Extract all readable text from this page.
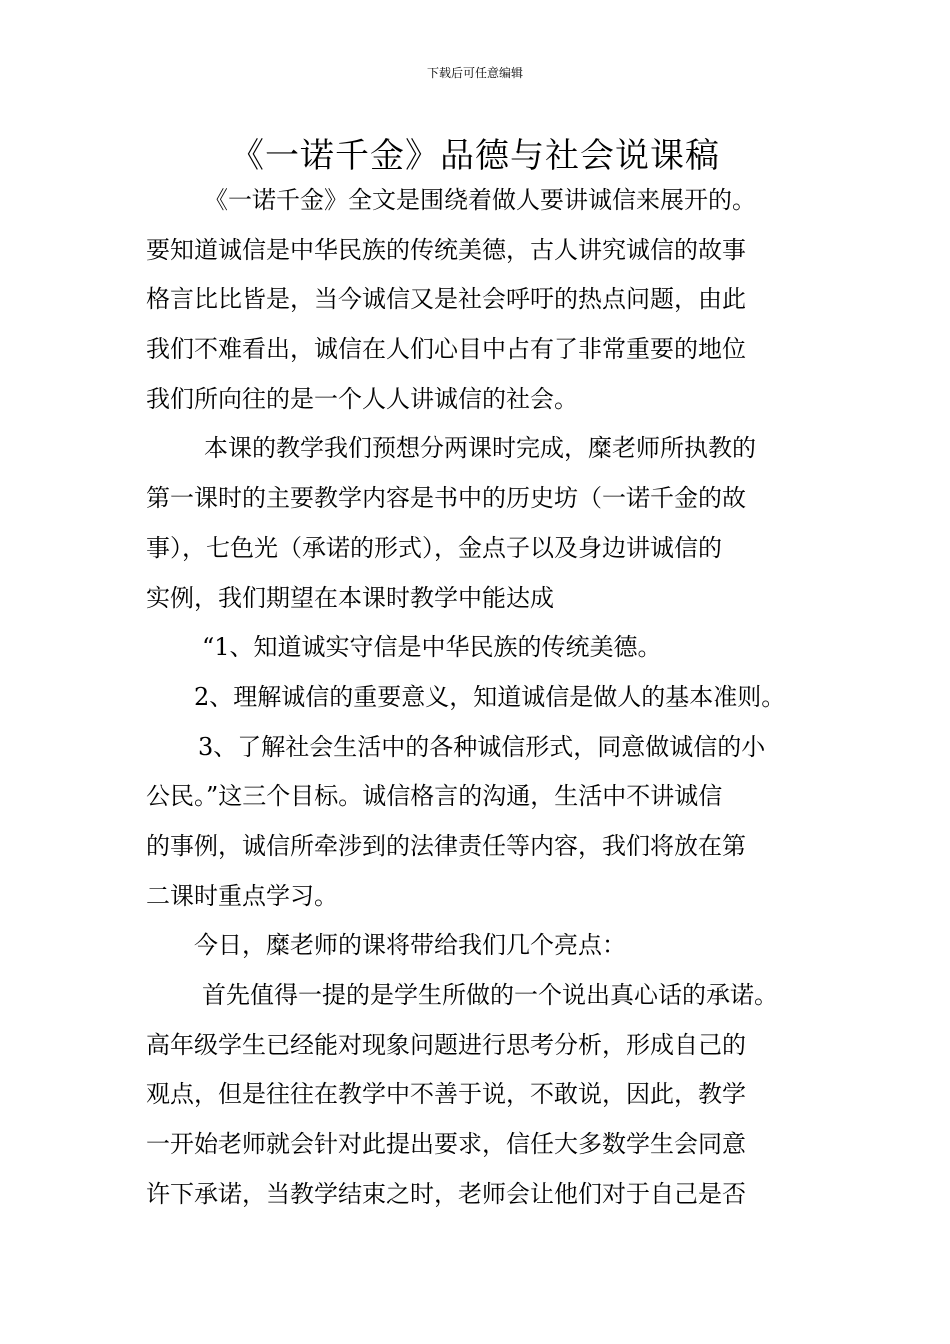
下载后可任意编辑
《一诺千金》品德与社会说课稿
《一诺千金》全文是围绕着做人要讲诚信来展开的。
要知道诚信是中华民族的传统美德，古人讲究诚信的故事
格言比比皆是，当今诚信又是社会呼吁的热点问题，由此
我们不难看出，诚信在人们心目中占有了非常重要的地位
我们所向往的是一个人人讲诚信的社会。
本课的教学我们预想分两课时完成，糜老师所执教的
第一课时的主要教学内容是书中的历史坊（一诺千金的故
事），七色光（承诺的形式），金点子以及身边讲诚信的
实例，我们期望在本课时教学中能达成
“1、知道诚实守信是中华民族的传统美德。
2、理解诚信的重要意义，知道诚信是做人的基本准则。
3、了解社会生活中的各种诚信形式，同意做诚信的小
公民。”这三个目标。诚信格言的沟通，生活中不讲诚信
的事例，诚信所牵涉到的法律责任等内容，我们将放在第
二课时重点学习。
今日，糜老师的课将带给我们几个亮点：
首先值得一提的是学生所做的一个说出真心话的承诺。
高年级学生已经能对现象问题进行思考分析，形成自己的
观点，但是往往在教学中不善于说，不敢说，因此，教学
一开始老师就会针对此提出要求，信任大多数学生会同意
许下承诺，当教学结束之时，老师会让他们对于自己是否
